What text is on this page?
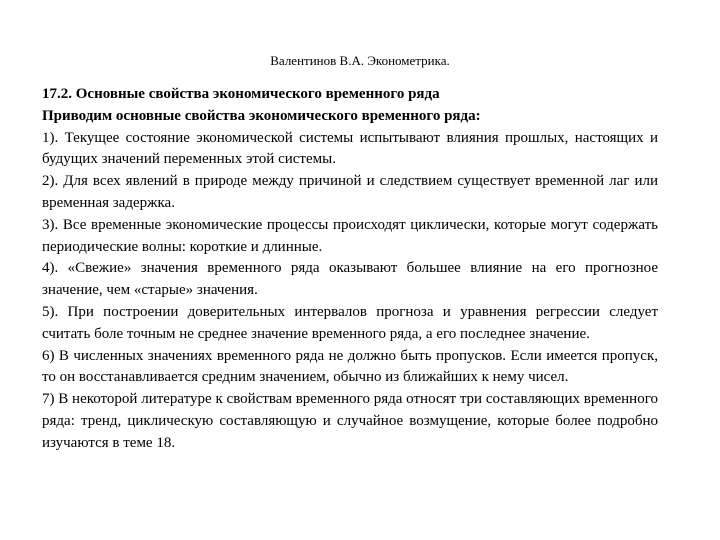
Валентинов В.А. Эконометрика.

17.2. Основные свойства экономического временного ряда

Приводим основные свойства экономического временного ряда:

1). Текущее состояние экономической системы испытывают влияния прошлых, настоящих и будущих значений переменных этой системы.

2). Для всех явлений в природе между причиной и следствием существует временной лаг или временная задержка.

3). Все временные экономические процессы происходят циклически, которые могут содержать периодические волны: короткие и длинные.

4). «Свежие» значения временного ряда оказывают большее влияние на его прогнозное значение, чем «старые» значения.

5). При построении доверительных интервалов прогноза и уравнения регрессии следует считать боле точным не среднее значение временного ряда, а его последнее значение.

6) В численных значениях временного ряда не должно быть пропусков. Если имеется пропуск, то он восстанавливается средним значением, обычно из ближайших к нему чисел.

7) В некоторой литературе к свойствам временного ряда относят три составляющих временного ряда: тренд, циклическую составляющую и случайное возмущение, которые более подробно изучаются в теме 18.
